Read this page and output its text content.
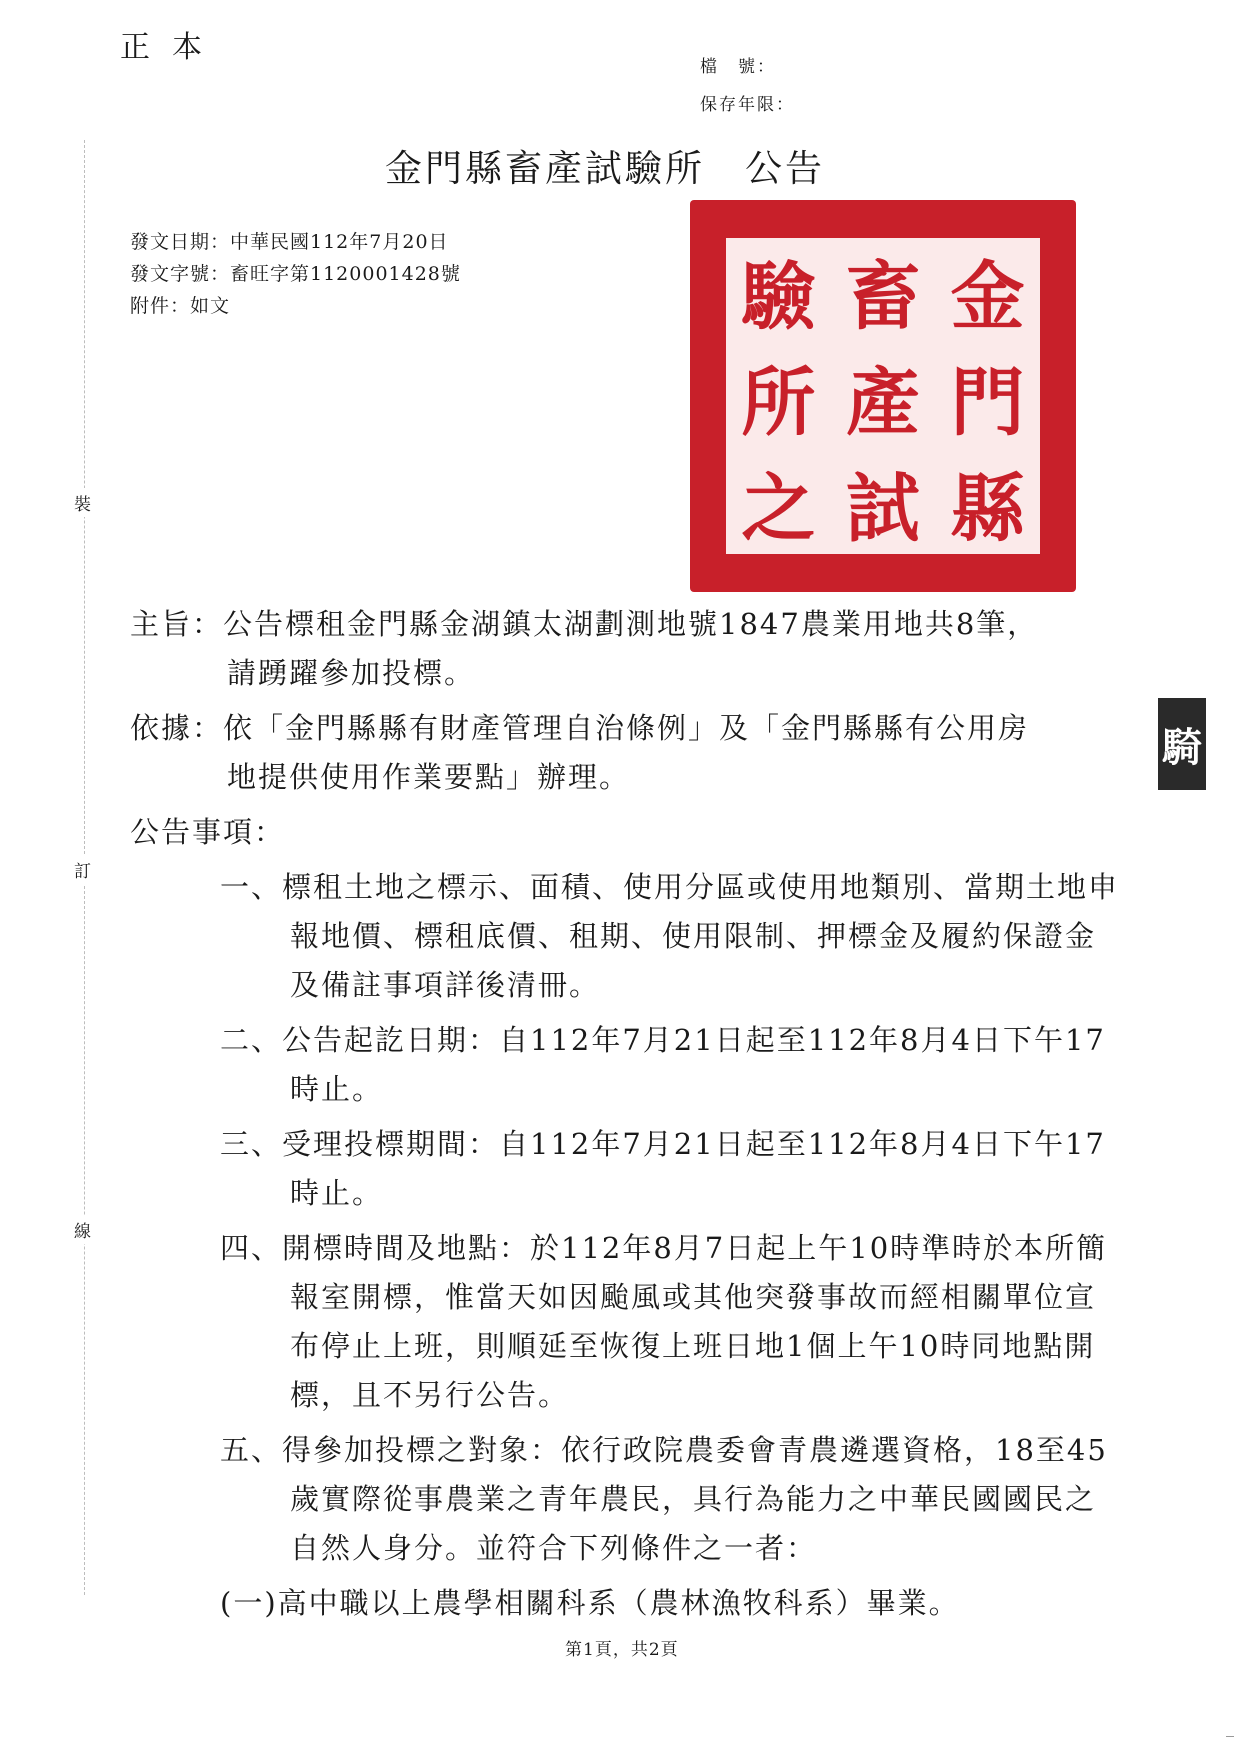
正本
檔　號：
保存年限：
裝
訂
線
金門縣畜產試驗所　公告
發文日期：中華民國112年7月20日
發文字號：畜旺字第1120001428號
附件：如文	金
門
縣
畜
產
試
驗
所
之
主旨：公告標租金門縣金湖鎮太湖劃測地號1847農業用地共8筆，
請踴躍參加投標。
依據：依「金門縣縣有財產管理自治條例」及「金門縣縣有公用房
地提供使用作業要點」辦理。
公告事項：
一、標租土地之標示、面積、使用分區或使用地類別、當期土地申報地價、標租底價、租期、使用限制、押標金及履約保證金及備註事項詳後清冊。
二、公告起訖日期：自112年7月21日起至112年8月4日下午17時止。
三、受理投標期間：自112年7月21日起至112年8月4日下午17時止。
四、開標時間及地點：於112年8月7日起上午10時準時於本所簡報室開標，惟當天如因颱風或其他突發事故而經相關單位宣布停止上班，則順延至恢復上班日地1個上午10時同地點開標，且不另行公告。
五、得參加投標之對象：依行政院農委會青農遴選資格，18至45歲實際從事農業之青年農民，具行為能力之中華民國國民之自然人身分。並符合下列條件之一者：
(一)高中職以上農學相關科系（農林漁牧科系）畢業。
騎
第1頁，共2頁
